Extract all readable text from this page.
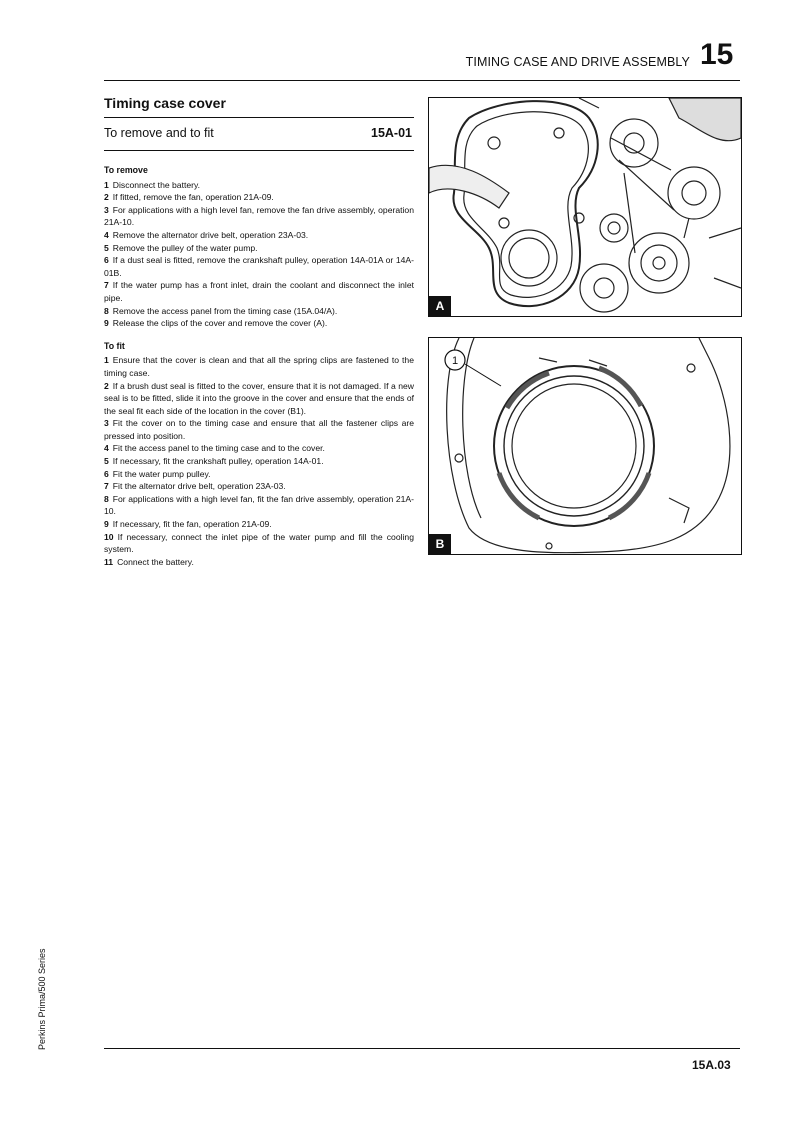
TIMING CASE AND DRIVE ASSEMBLY 15
Timing case cover
To remove and to fit	15A-01
To remove

1 Disconnect the battery.

2 If fitted, remove the fan, operation 21A-09.

3 For applications with a high level fan, remove the fan drive assembly, operation 21A-10.

4 Remove the alternator drive belt, operation 23A-03.

5 Remove the pulley of the water pump.

6 If a dust seal is fitted, remove the crankshaft pulley, operation 14A-01A or 14A-01B.

7 If the water pump has a front inlet, drain the coolant and disconnect the inlet pipe.

8 Remove the access panel from the timing case (15A.04/A).

9 Release the clips of the cover and remove the cover (A).

To fit

1 Ensure that the cover is clean and that all the spring clips are fastened to the timing case.

2 If a brush dust seal is fitted to the cover, ensure that it is not damaged. If a new seal is to be fitted, slide it into the groove in the cover and ensure that the ends of the seal fit each side of the location in the cover (B1).

3 Fit the cover on to the timing case and ensure that all the fastener clips are pressed into position.

4 Fit the access panel to the timing case and to the cover.

5 If necessary, fit the crankshaft pulley, operation 14A-01.

6 Fit the water pump pulley.

7 Fit the alternator drive belt, operation 23A-03.

8 For applications with a high level fan, fit the fan drive assembly, operation 21A-10.

9 If necessary, fit the fan, operation 21A-09.

10 If necessary, connect the inlet pipe of the water pump and fill the cooling system.

11 Connect the battery.

A
1
B
Perkins Prima/500 Series
15A.03
